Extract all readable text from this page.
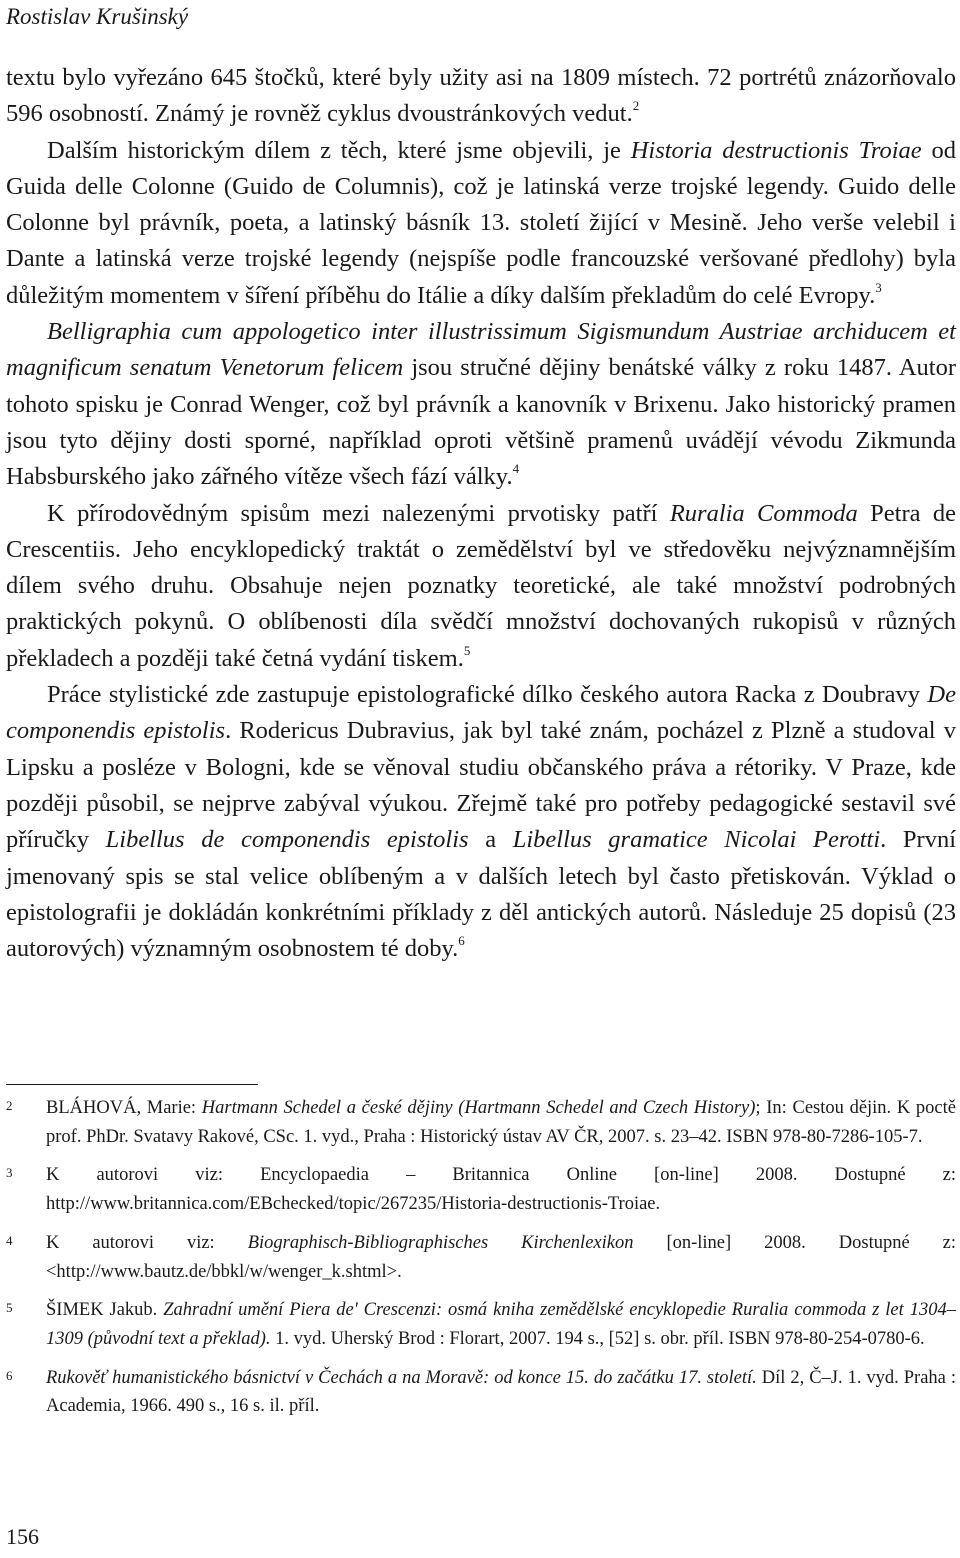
Rostislav Krušinský

textu bylo vyřezáno 645 štočků, které byly užity asi na 1809 místech. 72 portrétů znázorňovalo 596 osobností. Známý je rovněž cyklus dvoustránkových vedut.$^2$

Dalším historickým dílem z těch, které jsme objevili, je Historia destructionis Troiae od Guida delle Colonne (Guido de Columnis), což je latinská verze trojské legendy. Guido delle Colonne byl právník, poeta, a latinský básník 13. století žijící v Mesině. Jeho verše velebil i Dante a latinská verze trojské legendy (nejspíše podle francouzské veršované předlohy) byla důležitým momentem v šíření příběhu do Itálie a díky dalším překladům do celé Evropy.$^3$

Belligraphia cum appologetico inter illustrissimum Sigismundum Austriae archiducem et magnificum senatum Venetorum felicem jsou stručné dějiny benátské války z roku 1487. Autor tohoto spisku je Conrad Wenger, což byl právník a kanovník v Brixenu. Jako historický pramen jsou tyto dějiny dosti sporné, například oproti většině pramenů uvádějí vévodu Zikmunda Habsburského jako zářného vítěze všech fází války.$^4$

K přírodovědným spisům mezi nalezenými prvotisky patří Ruralia Commoda Petra de Crescentiis. Jeho encyklopedický traktát o zemědělství byl ve středověku nejvýznamnějším dílem svého druhu. Obsahuje nejen poznatky teoretické, ale také množství podrobných praktických pokynů. O oblíbenosti díla svědčí množství dochovaných rukopisů v různých překladech a později také četná vydání tiskem.$^5$

Práce stylistické zde zastupuje epistolografické dílko českého autora Racka z Doubravy De componendis epistolis. Rodericus Dubravius, jak byl také znám, pocházel z Plzně a studoval v Lipsku a posléze v Bologni, kde se věnoval studiu občanského práva a rétoriky. V Praze, kde později působil, se nejprve zabýval výukou. Zřejmě také pro potřeby pedagogické sestavil své příručky Libellus de componendis epistolis a Libellus gramatice Nicolai Perotti. První jmenovaný spis se stal velice oblíbeným a v dalších letech byl často přetiskován. Výklad o epistolografii je dokládán konkrétními příklady z děl antických autorů. Následuje 25 dopisů (23 autorových) významným osobnostem té doby.$^6$

2 BLÁHOVÁ, Marie: Hartmann Schedel a české dějiny (Hartmann Schedel and Czech History); In: Cestou dějin. K poctě prof. PhDr. Svatavy Rakové, CSc. 1. vyd., Praha : Historický ústav AV ČR, 2007. s. 23–42. ISBN 978-80-7286-105-7.
3 K autorovi viz: Encyclopaedia – Britannica Online [on-line] 2008. Dostupné z: http://www.britannica.com/EBchecked/topic/267235/Historia-destructionis-Troiae.
4 K autorovi viz: Biographisch-Bibliographisches Kirchenlexikon [on-line] 2008. Dostupné z: <http://www.bautz.de/bbkl/w/wenger_k.shtml>.
5 ŠIMEK Jakub. Zahradní umění Piera de' Crescenzi: osmá kniha zemědělské encyklopedie Ruralia commoda z let 1304–1309 (původní text a překlad). 1. vyd. Uherský Brod : Florart, 2007. 194 s., [52] s. obr. příl. ISBN 978-80-254-0780-6.
6 Rukověť humanistického básnictví v Čechách a na Moravě: od konce 15. do začátku 17. století. Díl 2, Č–J. 1. vyd. Praha : Academia, 1966. 490 s., 16 s. il. příl.
156
